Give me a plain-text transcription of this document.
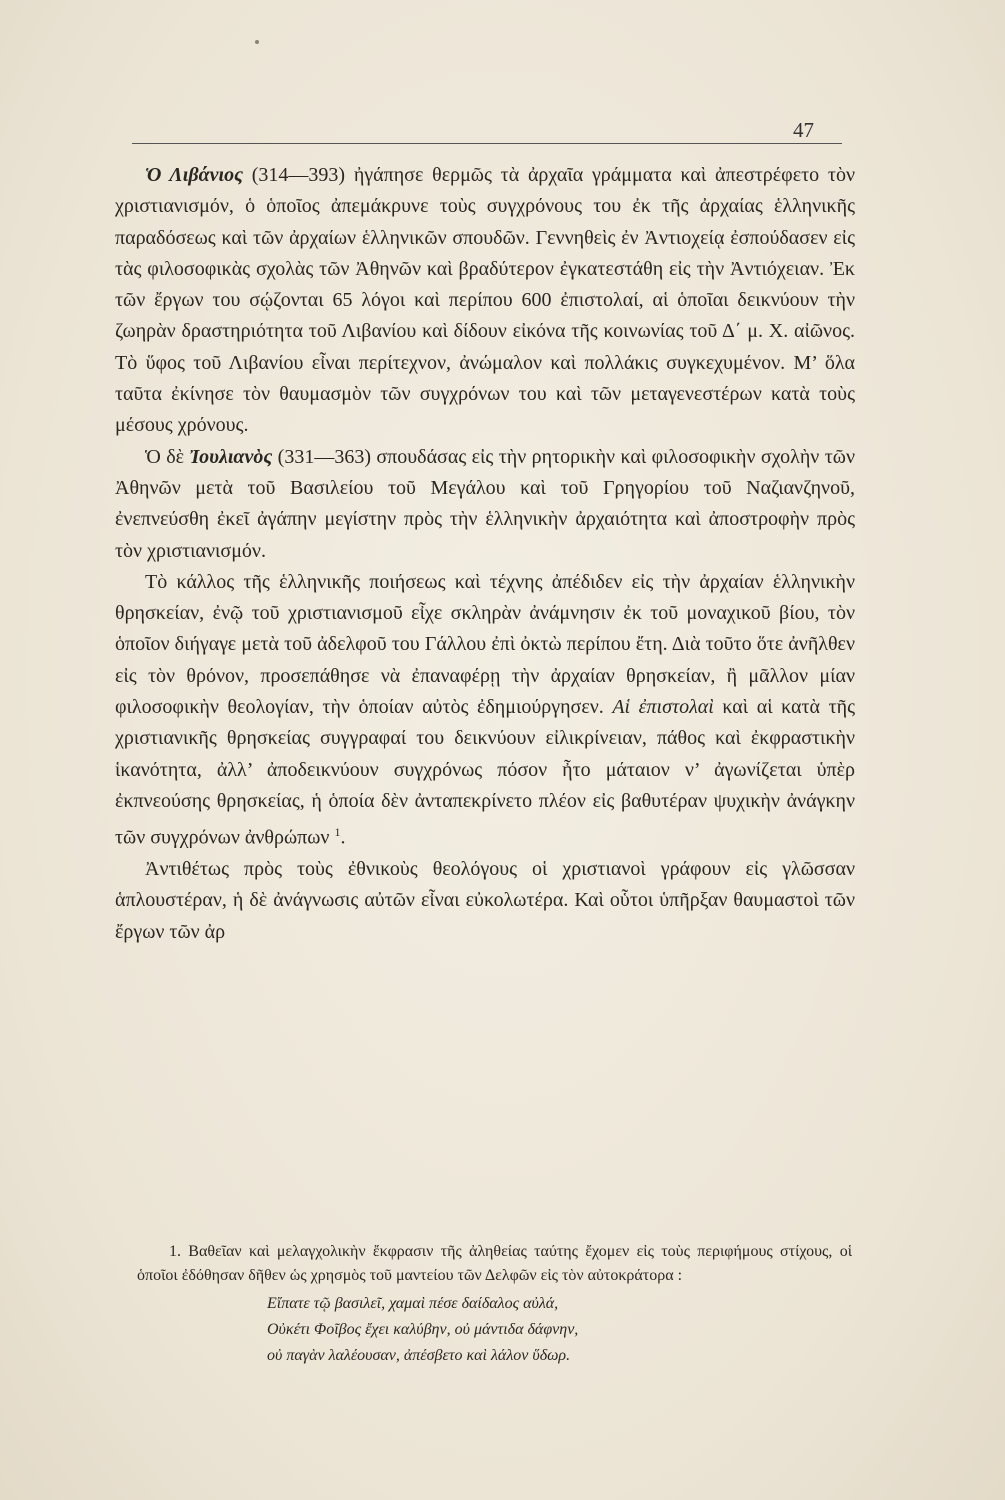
47

Ὁ Λιβάνιος (314—393) ἠγάπησε θερμῶς τὰ ἀρχαῖα γράμματα καὶ ἀπεστρέφετο τὸν χριστιανισμόν, ὁ ὁποῖος ἀπεμάκρυνε τοὺς συγχρόνους του ἐκ τῆς ἀρχαίας ἑλληνικῆς παραδόσεως καὶ τῶν ἀρχαίων ἑλληνικῶν σπουδῶν. Γεννηθεὶς ἐν Ἀντιοχείᾳ ἐσπούδασεν εἰς τὰς φιλοσοφικὰς σχολὰς τῶν Ἀθηνῶν καὶ βραδύτερον ἐγκατεστάθη εἰς τὴν Ἀντιόχειαν. Ἐκ τῶν ἔργων του σῴζονται 65 λόγοι καὶ περίπου 600 ἐπιστολαί, αἱ ὁποῖαι δεικνύουν τὴν ζωηρὰν δραστηριότητα τοῦ Λιβανίου καὶ δίδουν εἰκόνα τῆς κοινωνίας τοῦ Δ΄ μ. Χ. αἰῶνος. Τὸ ὕφος τοῦ Λιβανίου εἶναι περίτεχνον, ἀνώμαλον καὶ πολλάκις συγκεχυμένον. Μ’ ὅλα ταῦτα ἐκίνησε τὸν θαυμασμὸν τῶν συγχρόνων του καὶ τῶν μεταγενεστέρων κατὰ τοὺς μέσους χρόνους.

Ὁ δὲ Ἰουλιανὸς (331—363) σπουδάσας εἰς τὴν ρητορικὴν καὶ φιλοσοφικὴν σχολὴν τῶν Ἀθηνῶν μετὰ τοῦ Βασιλείου τοῦ Μεγάλου καὶ τοῦ Γρηγορίου τοῦ Ναζιανζηνοῦ, ἐνεπνεύσθη ἐκεῖ ἀγάπην μεγίστην πρὸς τὴν ἑλληνικὴν ἀρχαιότητα καὶ ἀποστροφὴν πρὸς τὸν χριστιανισμόν.

Τὸ κάλλος τῆς ἑλληνικῆς ποιήσεως καὶ τέχνης ἀπέδιδεν εἰς τὴν ἀρχαίαν ἑλληνικὴν θρησκείαν, ἐνῷ τοῦ χριστιανισμοῦ εἶχε σκληρὰν ἀνάμνησιν ἐκ τοῦ μοναχικοῦ βίου, τὸν ὁποῖον διήγαγε μετὰ τοῦ ἀδελφοῦ του Γάλλου ἐπὶ ὀκτὼ περίπου ἔτη. Διὰ τοῦτο ὅτε ἀνῆλθεν εἰς τὸν θρόνον, προσεπάθησε νὰ ἐπαναφέρῃ τὴν ἀρχαίαν θρησκείαν, ἢ μᾶλλον μίαν φιλοσοφικὴν θεολογίαν, τὴν ὁποίαν αὐτὸς ἐδημιούργησεν. Αἱ ἐπιστολαὶ καὶ αἱ κατὰ τῆς χριστιανικῆς θρησκείας συγγραφαί του δεικνύουν εἰλικρίνειαν, πάθος καὶ ἐκφραστικὴν ἱκανότητα, ἀλλ’ ἀποδεικνύουν συγχρόνως πόσον ἦτο μάταιον ν’ ἀγωνίζεται ὑπὲρ ἐκπνεούσης θρησκείας, ἡ ὁποία δὲν ἀνταπεκρίνετο πλέον εἰς βαθυτέραν ψυχικὴν ἀνάγκην τῶν συγχρόνων ἀνθρώπων $^1$.

Ἀντιθέτως πρὸς τοὺς ἐθνικοὺς θεολόγους οἱ χριστιανοὶ γράφουν εἰς γλῶσσαν ἁπλουστέραν, ἡ δὲ ἀνάγνωσις αὐτῶν εἶναι εὐκολωτέρα. Καὶ οὗτοι ὑπῆρξαν θαυμαστοὶ τῶν ἔργων τῶν ἀρ

1. Βαθεῖαν καὶ μελαγχολικὴν ἔκφρασιν τῆς ἀληθείας ταύτης ἔχομεν εἰς τοὺς περιφήμους στίχους, οἱ ὁποῖοι ἐδόθησαν δῆθεν ὡς χρησμὸς τοῦ μαντείου τῶν Δελφῶν εἰς τὸν αὐτοκράτορα :

Εἴπατε τῷ βασιλεῖ, χαμαὶ πέσε δαίδαλος αὐλά,
Οὐκέτι Φοῖβος ἔχει καλύβην, οὐ μάντιδα δάφνην,
οὐ παγὰν λαλέουσαν, ἀπέσβετο καὶ λάλον ὕδωρ.
